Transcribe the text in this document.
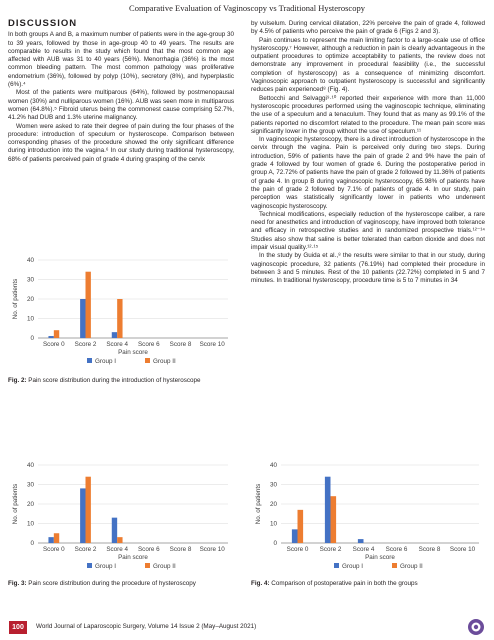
Comparative Evaluation of Vaginoscopy vs Traditional Hysteroscopy
DISCUSSION

In both groups A and B, a maximum number of patients were in the age-group 30 to 39 years, followed by those in age-group 40 to 49 years. The results are comparable to results in the study which found that the most common age affected with AUB was 31 to 40 years (56%). Menorrhagia (36%) is the most common bleeding pattern. The most common pathology was proliferative endometrium (36%), followed by polyp (10%), secretory (8%), and hyperplastic (6%).⁴

Most of the patients were multiparous (64%), followed by postmenopausal women (30%) and nulliparous women (16%). AUB was seen more in multiparous women (64.8%).⁵ Fibroid uterus being the commonest cause comprising 52.7%, 41.2% had DUB and 1.3% uterine malignancy.

Women were asked to rate their degree of pain during the four phases of the procedure: introduction of speculum or hysteroscope. Comparison between corresponding phases of the procedure showed the only significant difference during introduction into the vagina.⁶ In our study during traditional hysteroscopy, 68% of patients perceived pain of grade 4 during grasping of the cervix

by vulselum. During cervical dilatation, 22% perceive the pain of grade 4, followed by 4.5% of patients who perceive the pain of grade 6 (Figs 2 and 3).

Pain continues to represent the main limiting factor to a large-scale use of office hysteroscopy.⁷ However, although a reduction in pain is clearly advantageous in the outpatient procedures to optimize acceptability to patients, the review does not demonstrate any improvement in procedural feasibility (i.e., the successful completion of hysteroscopy) as a consequence of minimizing discomfort. Vaginoscopic approach to outpatient hysteroscopy is successful and significantly reduces pain experienced⁸ (Fig. 4).

Bettocchi and Selvaggi⁹·¹⁰ reported their experience with more than 11,000 hysteroscopic procedures performed using the vaginoscopic technique, eliminating the use of a speculum and a tenaculum. They found that as many as 99.1% of the patients reported no discomfort related to the procedure. The mean pain score was significantly lower in the group without the use of speculum.¹¹

In vaginoscopic hysteroscopy, there is a direct introduction of hysteroscope in the cervix through the vagina. Pain is perceived only during two steps. During introduction, 59% of patients have the pain of grade 2 and 9% have the pain of grade 4 followed by four women of grade 6. During the postoperative period in group A, 72.72% of patients have the pain of grade 2 followed by 11.36% of patients of grade 4. In group B during vaginoscopic hysteroscopy, 65.98% of patients have the pain of grade 2 followed by 7.1% of patients of grade 4. In our study, pain perception was statistically significantly lower in patients who underwent vaginoscopic hysteroscopy.

Technical modifications, especially reduction of the hysteroscope caliber, a rare need for anesthetics and introduction of vaginoscopy, have improved both tolerance and efficacy in retrospective studies and in randomized prospective trials.¹²⁻¹⁴ Studies also show that saline is better tolerated than carbon dioxide and does not impair visual quality.¹²·¹⁵

In the study by Guida et al.,⁸ the results were similar to that in our study, during vaginoscopic procedure, 32 patients (76.19%) had completed their procedure in between 3 and 5 minutes. Rest of the 10 patients (22.72%) completed in 5 and 7 minutes. In traditional hysteroscopy, procedure time is 5 to 7 minutes in 34

0
10
20
30
40
No. of patients
Score 0 Score 2 Score 4 Score 6 Score 8 Score 10
Pain score
Group I	Group II
Fig. 2: Pain score distribution during the introduction of hysteroscope
0
10
20
30
40
No. of patients
Score 0 Score 2 Score 4 Score 6 Score 8 Score 10
Pain score
Group I	Group II
Fig. 3: Pain score distribution during the procedure of hysteroscopy
0
10
20
30
40
No. of patients
Score 0 Score 2 Score 4 Score 6 Score 8 Score 10
Pain score
Group I	Group II
Fig. 4: Comparison of postoperative pain in both the groups
100	World Journal of Laparoscopic Surgery, Volume 14 Issue 2 (May–August 2021)
